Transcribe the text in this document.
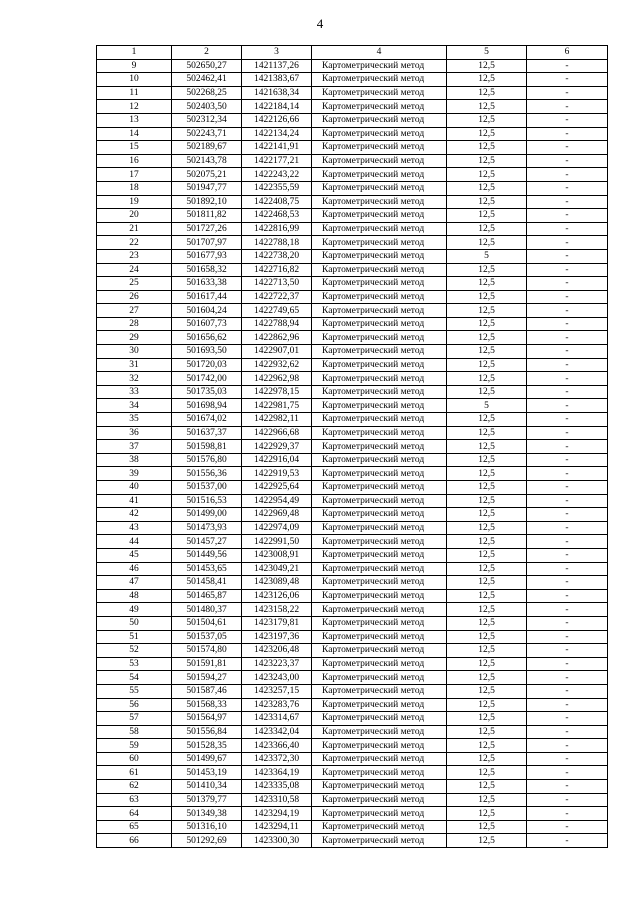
4
1	2	3	4	5	6
9	502650,27	1421137,26	Картометрический метод	12,5	-
10	502462,41	1421383,67	Картометрический метод	12,5	-
11	502268,25	1421638,34	Картометрический метод	12,5	-
12	502403,50	1422184,14	Картометрический метод	12,5	-
13	502312,34	1422126,66	Картометрический метод	12,5	-
14	502243,71	1422134,24	Картометрический метод	12,5	-
15	502189,67	1422141,91	Картометрический метод	12,5	-
16	502143,78	1422177,21	Картометрический метод	12,5	-
17	502075,21	1422243,22	Картометрический метод	12,5	-
18	501947,77	1422355,59	Картометрический метод	12,5	-
19	501892,10	1422408,75	Картометрический метод	12,5	-
20	501811,82	1422468,53	Картометрический метод	12,5	-
21	501727,26	1422816,99	Картометрический метод	12,5	-
22	501707,97	1422788,18	Картометрический метод	12,5	-
23	501677,93	1422738,20	Картометрический метод	5	-
24	501658,32	1422716,82	Картометрический метод	12,5	-
25	501633,38	1422713,50	Картометрический метод	12,5	-
26	501617,44	1422722,37	Картометрический метод	12,5	-
27	501604,24	1422749,65	Картометрический метод	12,5	-
28	501607,73	1422788,94	Картометрический метод	12,5	-
29	501656,62	1422862,96	Картометрический метод	12,5	-
30	501693,50	1422907,01	Картометрический метод	12,5	-
31	501720,03	1422932,62	Картометрический метод	12,5	-
32	501742,00	1422962,98	Картометрический метод	12,5	-
33	501735,03	1422978,15	Картометрический метод	12,5	-
34	501698,94	1422981,75	Картометрический метод	5	-
35	501674,02	1422982,11	Картометрический метод	12,5	-
36	501637,37	1422966,68	Картометрический метод	12,5	-
37	501598,81	1422929,37	Картометрический метод	12,5	-
38	501576,80	1422916,04	Картометрический метод	12,5	-
39	501556,36	1422919,53	Картометрический метод	12,5	-
40	501537,00	1422925,64	Картометрический метод	12,5	-
41	501516,53	1422954,49	Картометрический метод	12,5	-
42	501499,00	1422969,48	Картометрический метод	12,5	-
43	501473,93	1422974,09	Картометрический метод	12,5	-
44	501457,27	1422991,50	Картометрический метод	12,5	-
45	501449,56	1423008,91	Картометрический метод	12,5	-
46	501453,65	1423049,21	Картометрический метод	12,5	-
47	501458,41	1423089,48	Картометрический метод	12,5	-
48	501465,87	1423126,06	Картометрический метод	12,5	-
49	501480,37	1423158,22	Картометрический метод	12,5	-
50	501504,61	1423179,81	Картометрический метод	12,5	-
51	501537,05	1423197,36	Картометрический метод	12,5	-
52	501574,80	1423206,48	Картометрический метод	12,5	-
53	501591,81	1423223,37	Картометрический метод	12,5	-
54	501594,27	1423243,00	Картометрический метод	12,5	-
55	501587,46	1423257,15	Картометрический метод	12,5	-
56	501568,33	1423283,76	Картометрический метод	12,5	-
57	501564,97	1423314,67	Картометрический метод	12,5	-
58	501556,84	1423342,04	Картометрический метод	12,5	-
59	501528,35	1423366,40	Картометрический метод	12,5	-
60	501499,67	1423372,30	Картометрический метод	12,5	-
61	501453,19	1423364,19	Картометрический метод	12,5	-
62	501410,34	1423335,08	Картометрический метод	12,5	-
63	501379,77	1423310,58	Картометрический метод	12,5	-
64	501349,38	1423294,19	Картометрический метод	12,5	-
65	501316,10	1423294,11	Картометрический метод	12,5	-
66	501292,69	1423300,30	Картометрический метод	12,5	-
